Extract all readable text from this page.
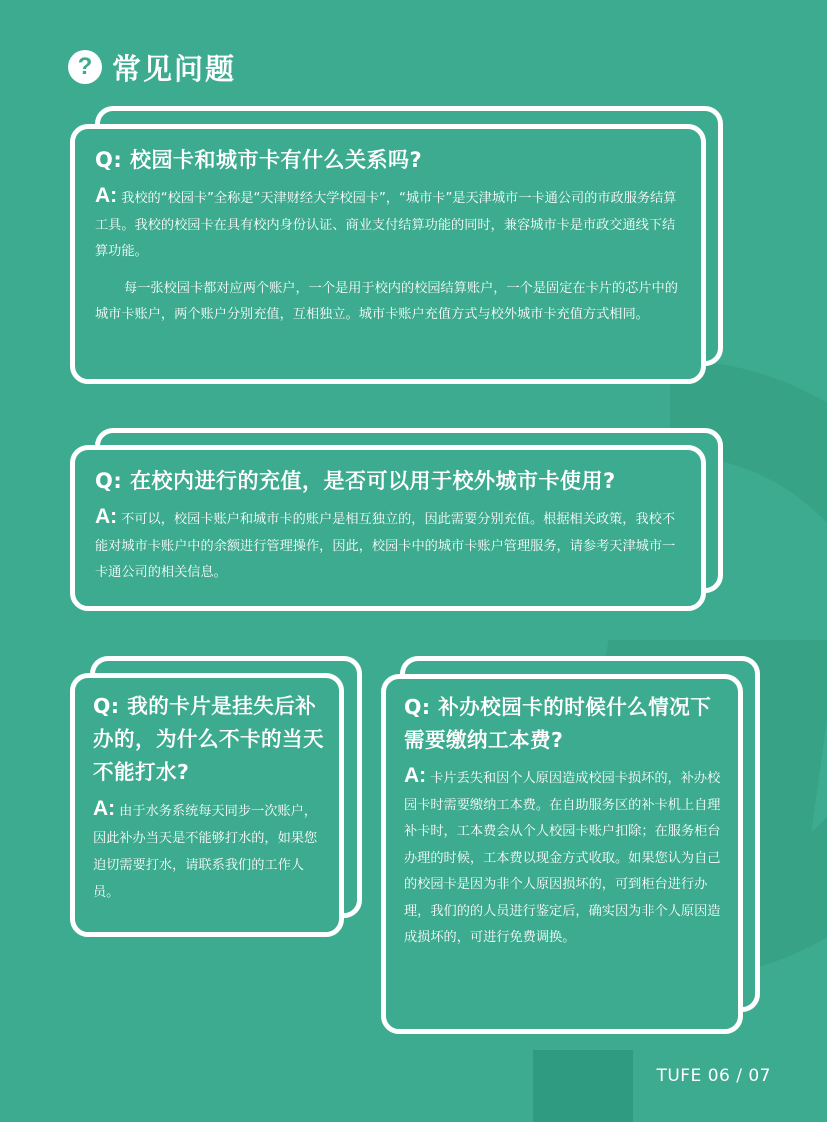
? 常见问题

Q: 校园卡和城市卡有什么关系吗?

A: 我校的“校园卡”全称是“天津财经大学校园卡”，“城市卡”是天津城市一卡通公司的市政服务结算工具。我校的校园卡在具有校内身份认证、商业支付结算功能的同时，兼容城市卡是市政交通线下结算功能。

每一张校园卡都对应两个账户，一个是用于校内的校园结算账户，一个是固定在卡片的芯片中的城市卡账户，两个账户分别充值，互相独立。城市卡账户充值方式与校外城市卡充值方式相同。

Q: 在校内进行的充值，是否可以用于校外城市卡使用?

A: 不可以，校园卡账户和城市卡的账户是相互独立的，因此需要分别充值。根据相关政策，我校不能对城市卡账户中的余额进行管理操作，因此，校园卡中的城市卡账户管理服务，请参考天津城市一卡通公司的相关信息。

Q: 我的卡片是挂失后补办的，为什么不卡的当天不能打水?

A: 由于水务系统每天同步一次账户，因此补办当天是不能够打水的，如果您迫切需要打水，请联系我们的工作人员。

Q: 补办校园卡的时候什么情况下需要缴纳工本费?

A: 卡片丢失和因个人原因造成校园卡损坏的，补办校园卡时需要缴纳工本费。在自助服务区的补卡机上自理补卡时，工本费会从个人校园卡账户扣除；在服务柜台办理的时候，工本费以现金方式收取。如果您认为自己的校园卡是因为非个人原因损坏的，可到柜台进行办理，我们的的人员进行鉴定后，确实因为非个人原因造成损坏的，可进行免费调换。

TUFE 06 / 07
